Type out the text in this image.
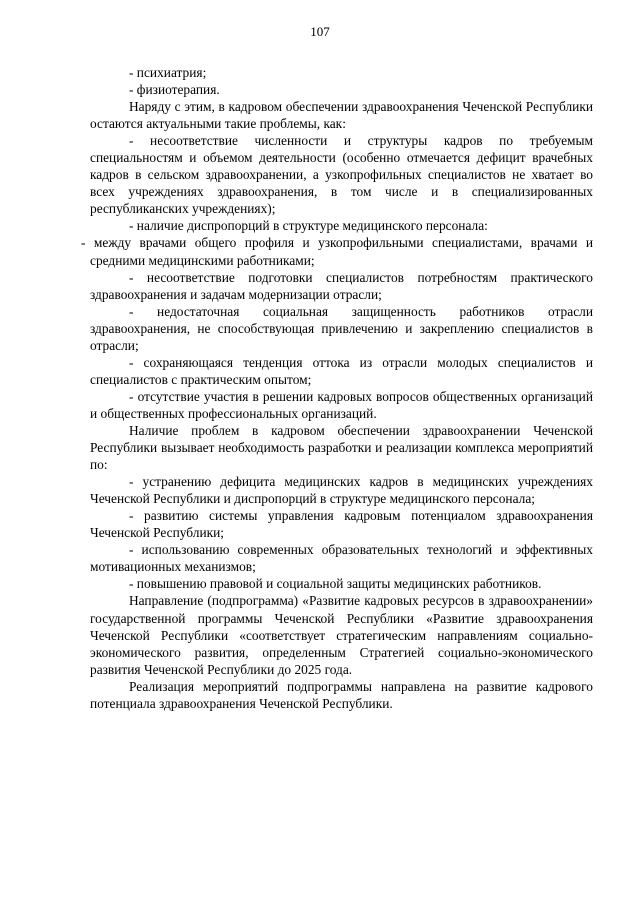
107

- психиатрия;

- физиотерапия.

Наряду с этим, в кадровом обеспечении здравоохранения Чеченской Республики остаются актуальными такие проблемы, как:

- несоответствие численности и структуры кадров по требуемым специальностям и объемом деятельности (особенно отмечается дефицит врачебных кадров в сельском здравоохранении, а узкопрофильных специалистов не хватает во всех учреждениях здравоохранения, в том числе и в специализированных республиканских учреждениях);

- наличие диспропорций в структуре медицинского персонала:

- между врачами общего профиля и узкопрофильными специалистами, врачами и средними медицинскими работниками;

- несоответствие подготовки специалистов потребностям практического здравоохранения и задачам модернизации отрасли;

- недостаточная социальная защищенность работников отрасли здравоохранения, не способствующая привлечению и закреплению специалистов в отрасли;

- сохраняющаяся тенденция оттока из отрасли молодых специалистов и специалистов с практическим опытом;

- отсутствие участия в решении кадровых вопросов общественных организаций и общественных профессиональных организаций.

Наличие проблем в кадровом обеспечении здравоохранении Чеченской Республики вызывает необходимость разработки и реализации комплекса мероприятий по:

- устранению дефицита медицинских кадров в медицинских учреждениях Чеченской Республики и диспропорций в структуре медицинского персонала;

- развитию системы управления кадровым потенциалом здравоохранения Чеченской Республики;

- использованию современных образовательных технологий и эффективных мотивационных механизмов;

- повышению правовой и социальной защиты медицинских работников.

Направление (подпрограмма) «Развитие кадровых ресурсов в здравоохранении» государственной программы Чеченской Республики «Развитие здравоохранения Чеченской Республики «соответствует стратегическим направлениям социально-экономического развития, определенным Стратегией социально-экономического развития Чеченской Республики до 2025 года.

Реализация мероприятий подпрограммы направлена на развитие кадрового потенциала здравоохранения Чеченской Республики.
